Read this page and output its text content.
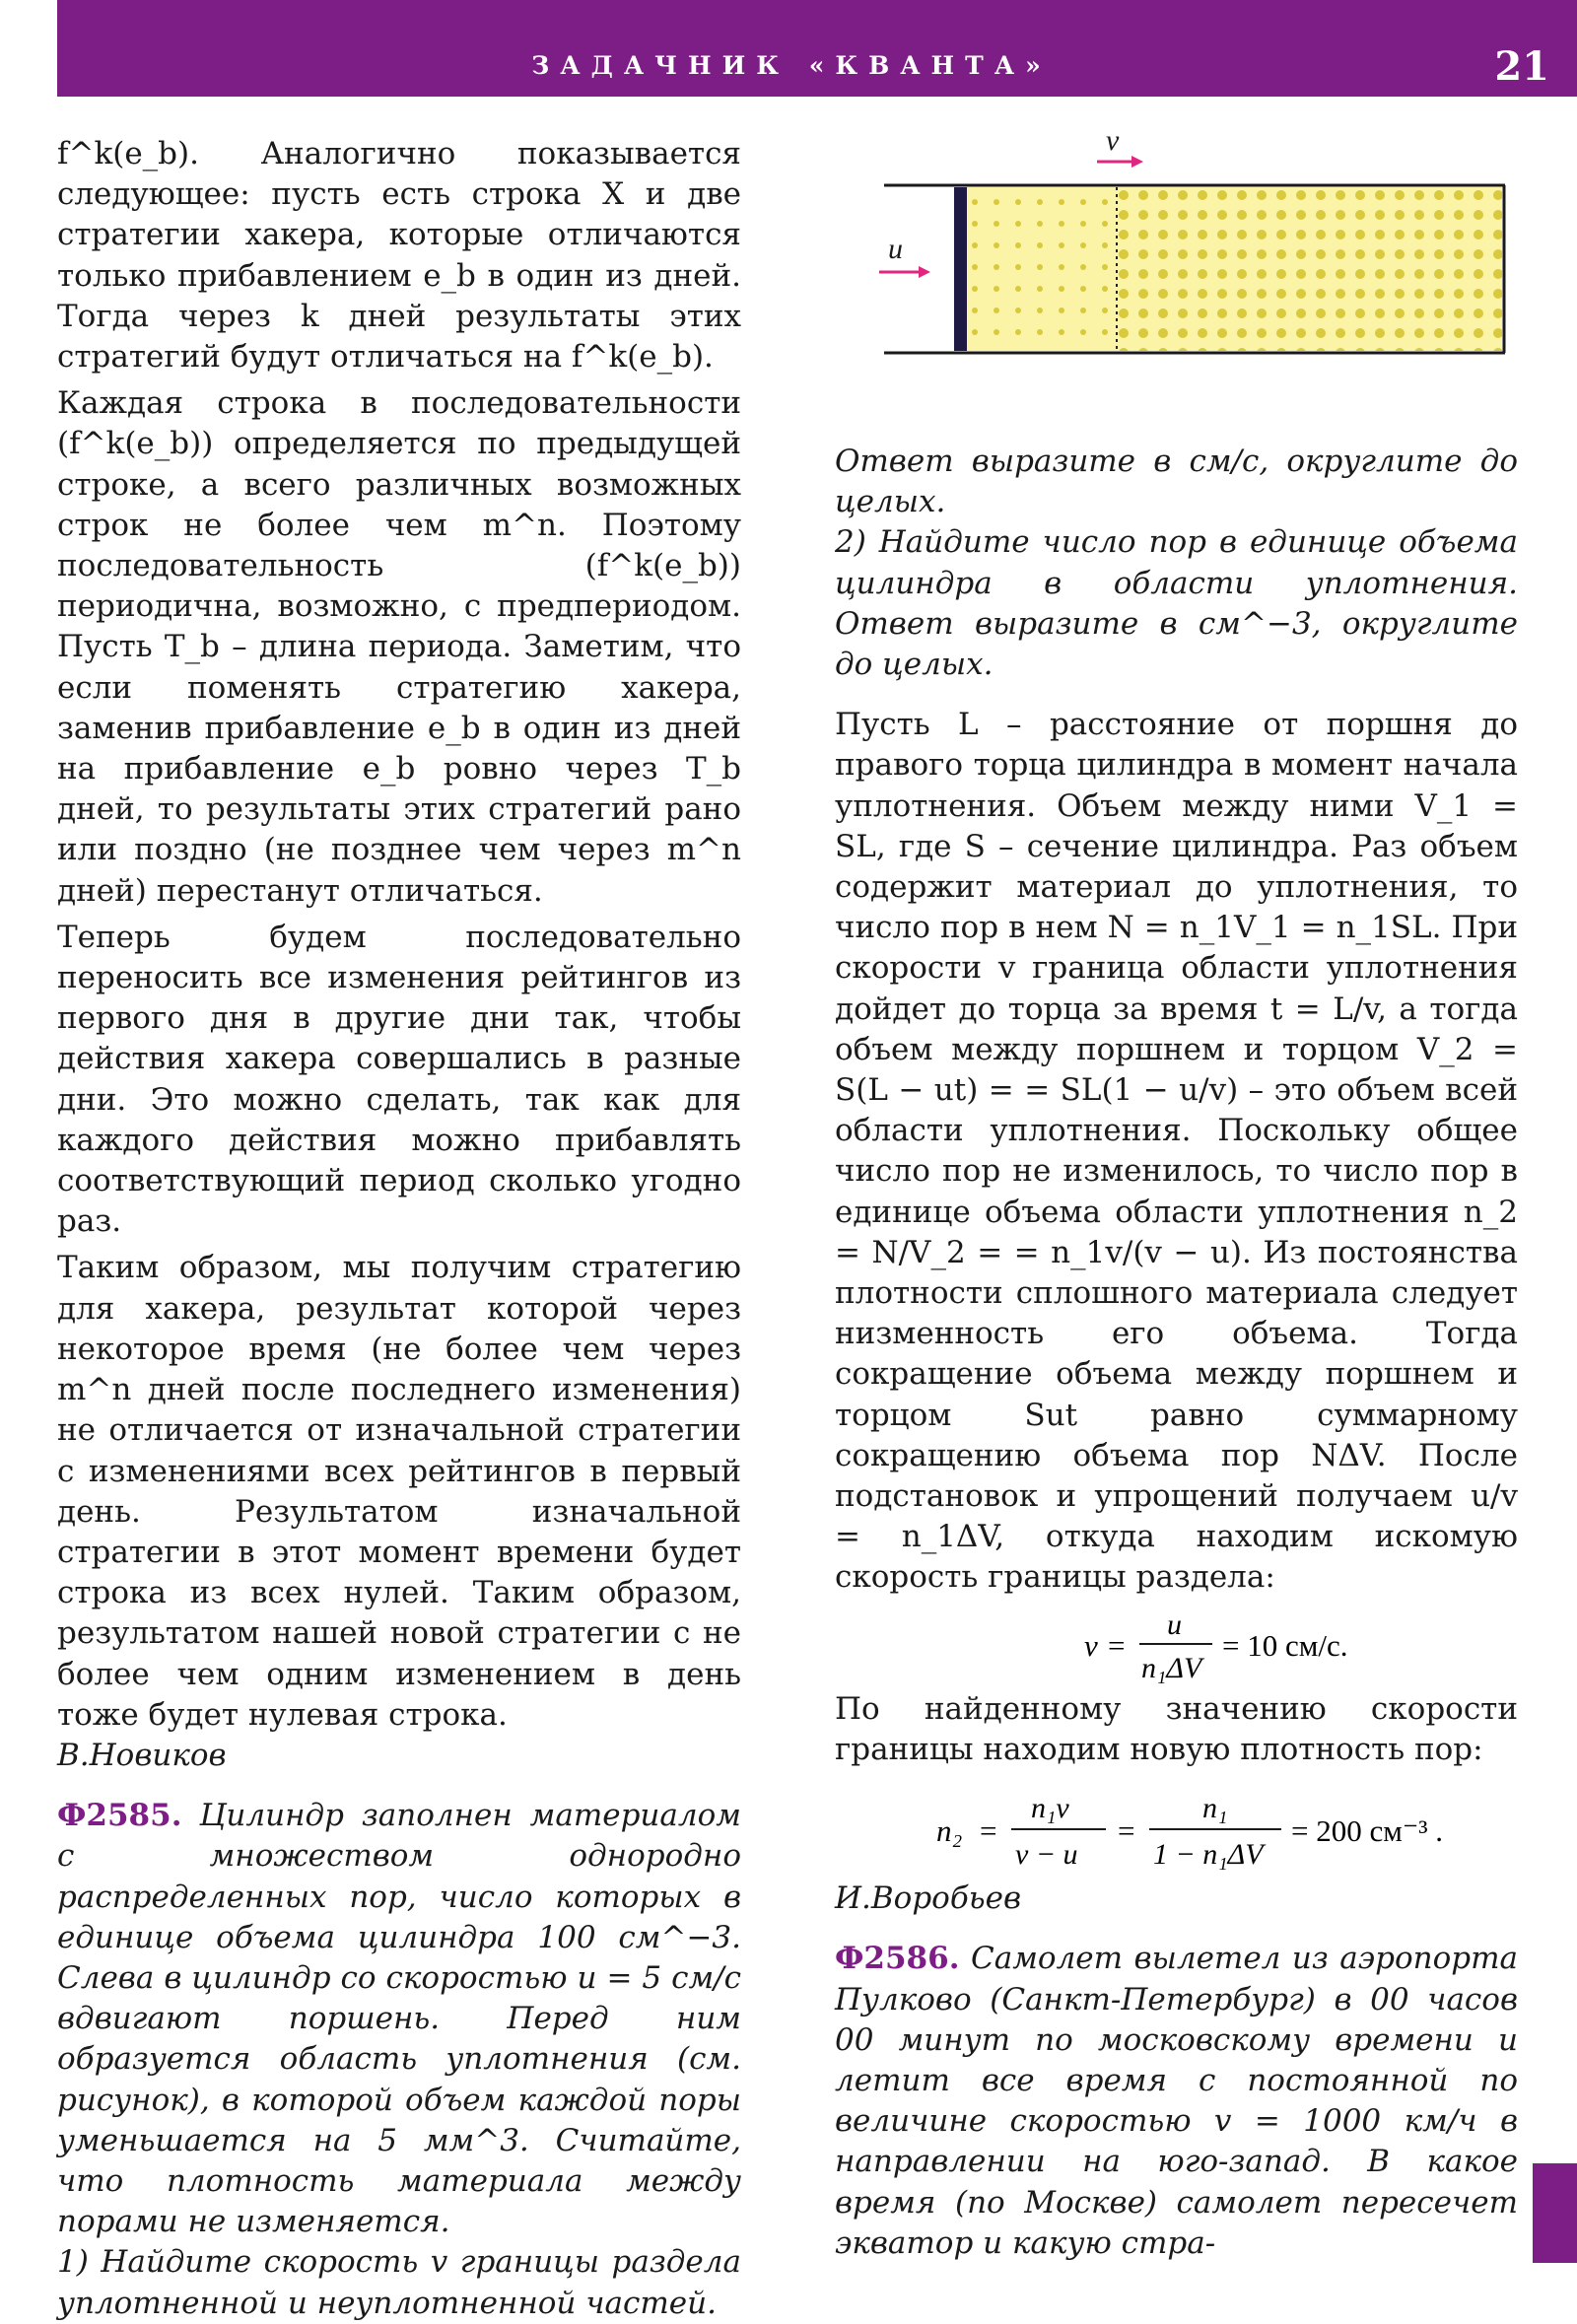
ЗАДАЧНИК «КВАНТА»	21

f^k(e_b). Аналогично показывается следующее: пусть есть строка X и две стратегии хакера, которые отличаются только прибавлением e_b в один из дней. Тогда через k дней результаты этих стратегий будут отличаться на f^k(e_b).

Каждая строка в последовательности (f^k(e_b)) определяется по предыдущей строке, а всего различных возможных строк не более чем m^n. Поэтому последовательность (f^k(e_b)) периодична, возможно, с предпериодом. Пусть T_b – длина периода. Заметим, что если поменять стратегию хакера, заменив прибавление e_b в один из дней на прибавление e_b ровно через T_b дней, то результаты этих стратегий рано или поздно (не позднее чем через m^n дней) перестанут отличаться.

Теперь будем последовательно переносить все изменения рейтингов из первого дня в другие дни так, чтобы действия хакера совершались в разные дни. Это можно сделать, так как для каждого действия можно прибавлять соответствующий период сколько угодно раз.

Таким образом, мы получим стратегию для хакера, результат которой через некоторое время (не более чем через m^n дней после последнего изменения) не отличается от изначальной стратегии с изменениями всех рейтингов в первый день. Результатом изначальной стратегии в этот момент времени будет строка из всех нулей. Таким образом, результатом нашей новой стратегии с не более чем одним изменением в день тоже будет нулевая строка.

В.Новиков

Ф2585. Цилиндр заполнен материалом с множеством однородно распределенных пор, число которых в единице объема цилиндра 100 см^−3. Слева в цилиндр со скоростью u = 5 см/с вдвигают поршень. Перед ним образуется область уплотнения (см. рисунок), в которой объем каждой поры уменьшается на 5 мм^3. Считайте, что плотность материала между порами не изменяется.

1) Найдите скорость v границы раздела уплотненной и неуплотненной частей.

v
u

Ответ выразите в см/с, округлите до целых.

2) Найдите число пор в единице объема цилиндра в области уплотнения. Ответ выразите в см^−3, округлите до целых.

Пусть L – расстояние от поршня до правого торца цилиндра в момент начала уплотнения. Объем между ними V_1 = SL, где S – сечение цилиндра. Раз объем содержит материал до уплотнения, то число пор в нем N = n_1V_1 = n_1SL. При скорости v граница области уплотнения дойдет до торца за время t = L/v, а тогда объем между поршнем и торцом V_2 = S(L − ut) = = SL(1 − u/v) – это объем всей области уплотнения. Поскольку общее число пор не изменилось, то число пор в единице объема области уплотнения n_2 = N/V_2 = = n_1v/(v − u). Из постоянства плотности сплошного материала следует низменность его объема. Тогда сокращение объема между поршнем и торцом Sut равно суммарному сокращению объема пор NΔV. После подстановок и упрощений получаем u/v = n_1ΔV, откуда находим искомую скорость границы раздела:

v =
u
n₁ΔV
= 10 см/с.

По найденному значению скорости границы находим новую плотность пор:

n₂ =
n₁v
v − u
=
n₁
1 − n₁ΔV
= 200 см⁻³ .

И.Воробьев

Ф2586. Самолет вылетел из аэропорта Пулково (Санкт-Петербург) в 00 часов 00 минут по московскому времени и летит все время с постоянной по величине скоростью v = 1000 км/ч в направлении на юго-запад. В какое время (по Москве) самолет пересечет экватор и какую стра-
